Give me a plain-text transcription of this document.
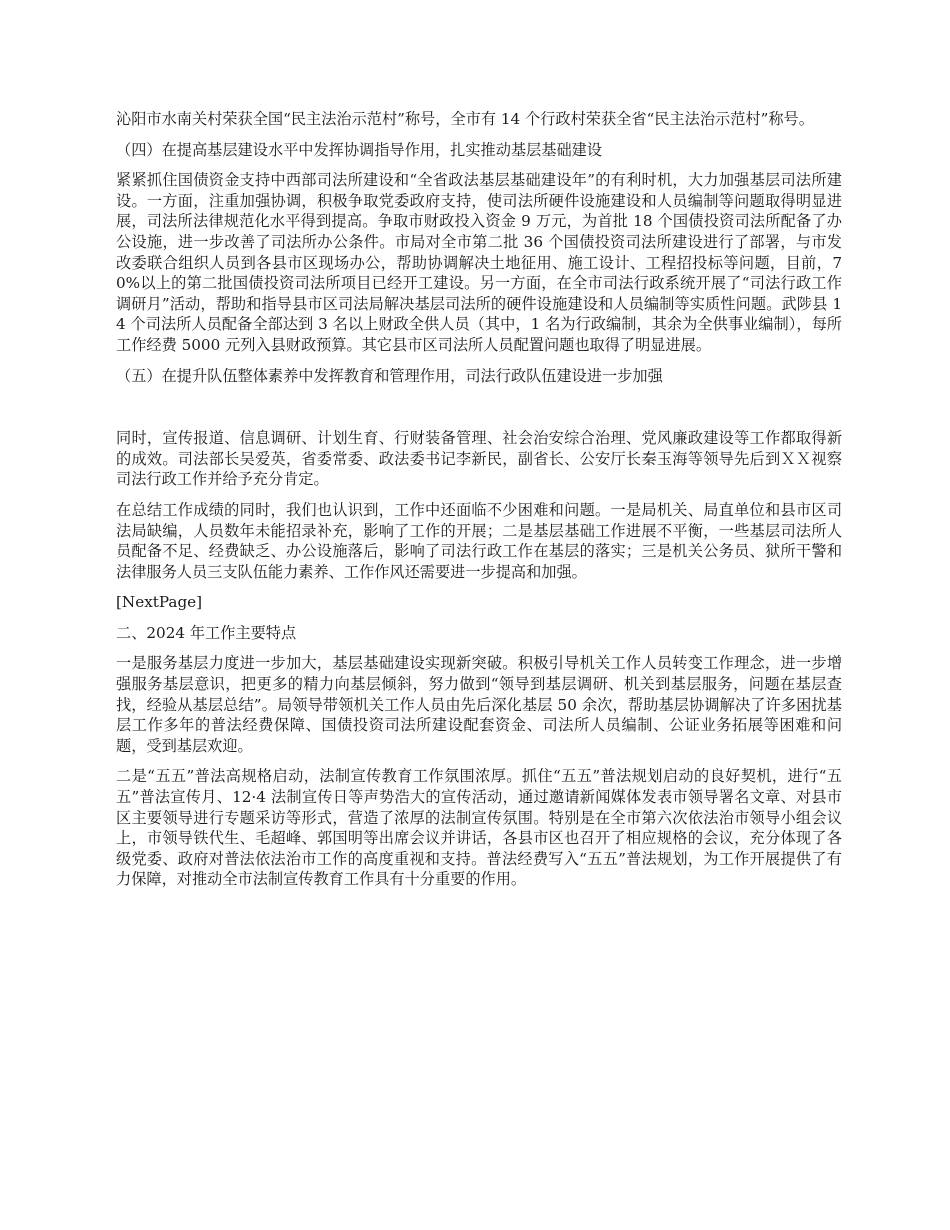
沁阳市水南关村荣获全国“民主法治示范村”称号，全市有 14 个行政村荣获全省“民主法治示范村”称号。

（四）在提高基层建设水平中发挥协调指导作用，扎实推动基层基础建设

紧紧抓住国债资金支持中西部司法所建设和“全省政法基层基础建设年”的有利时机，大力加强基层司法所建设。一方面，注重加强协调，积极争取党委政府支持，使司法所硬件设施建设和人员编制等问题取得明显进展，司法所法律规范化水平得到提高。争取市财政投入资金 9 万元，为首批 18 个国债投资司法所配备了办公设施，进一步改善了司法所办公条件。市局对全市第二批 36 个国债投资司法所建设进行了部署，与市发改委联合组织人员到各县市区现场办公，帮助协调解决土地征用、施工设计、工程招投标等问题，目前，70%以上的第二批国债投资司法所项目已经开工建设。另一方面，在全市司法行政系统开展了“司法行政工作调研月”活动，帮助和指导县市区司法局解决基层司法所的硬件设施建设和人员编制等实质性问题。武陟县 14 个司法所人员配备全部达到 3 名以上财政全供人员（其中，1 名为行政编制，其余为全供事业编制），每所工作经费 5000 元列入县财政预算。其它县市区司法所人员配置问题也取得了明显进展。

（五）在提升队伍整体素养中发挥教育和管理作用，司法行政队伍建设进一步加强

同时，宣传报道、信息调研、计划生育、行财装备管理、社会治安综合治理、党风廉政建设等工作都取得新的成效。司法部长吴爱英，省委常委、政法委书记李新民，副省长、公安厅长秦玉海等领导先后到ＸＸ视察司法行政工作并给予充分肯定。

在总结工作成绩的同时，我们也认识到，工作中还面临不少困难和问题。一是局机关、局直单位和县市区司法局缺编，人员数年未能招录补充，影响了工作的开展；二是基层基础工作进展不平衡，一些基层司法所人员配备不足、经费缺乏、办公设施落后，影响了司法行政工作在基层的落实；三是机关公务员、狱所干警和法律服务人员三支队伍能力素养、工作作风还需要进一步提高和加强。

[NextPage]

二、2024 年工作主要特点

一是服务基层力度进一步加大，基层基础建设实现新突破。积极引导机关工作人员转变工作理念，进一步增强服务基层意识，把更多的精力向基层倾斜，努力做到“领导到基层调研、机关到基层服务，问题在基层查找，经验从基层总结”。局领导带领机关工作人员由先后深化基层 50 余次，帮助基层协调解决了许多困扰基层工作多年的普法经费保障、国债投资司法所建设配套资金、司法所人员编制、公证业务拓展等困难和问题，受到基层欢迎。

二是“五五”普法高规格启动，法制宣传教育工作氛围浓厚。抓住“五五”普法规划启动的良好契机，进行“五五”普法宣传月、12·4 法制宣传日等声势浩大的宣传活动，通过邀请新闻媒体发表市领导署名文章、对县市区主要领导进行专题采访等形式，营造了浓厚的法制宣传氛围。特别是在全市第六次依法治市领导小组会议上，市领导铁代生、毛超峰、郭国明等出席会议并讲话，各县市区也召开了相应规格的会议，充分体现了各级党委、政府对普法依法治市工作的高度重视和支持。普法经费写入“五五”普法规划，为工作开展提供了有力保障，对推动全市法制宣传教育工作具有十分重要的作用。
